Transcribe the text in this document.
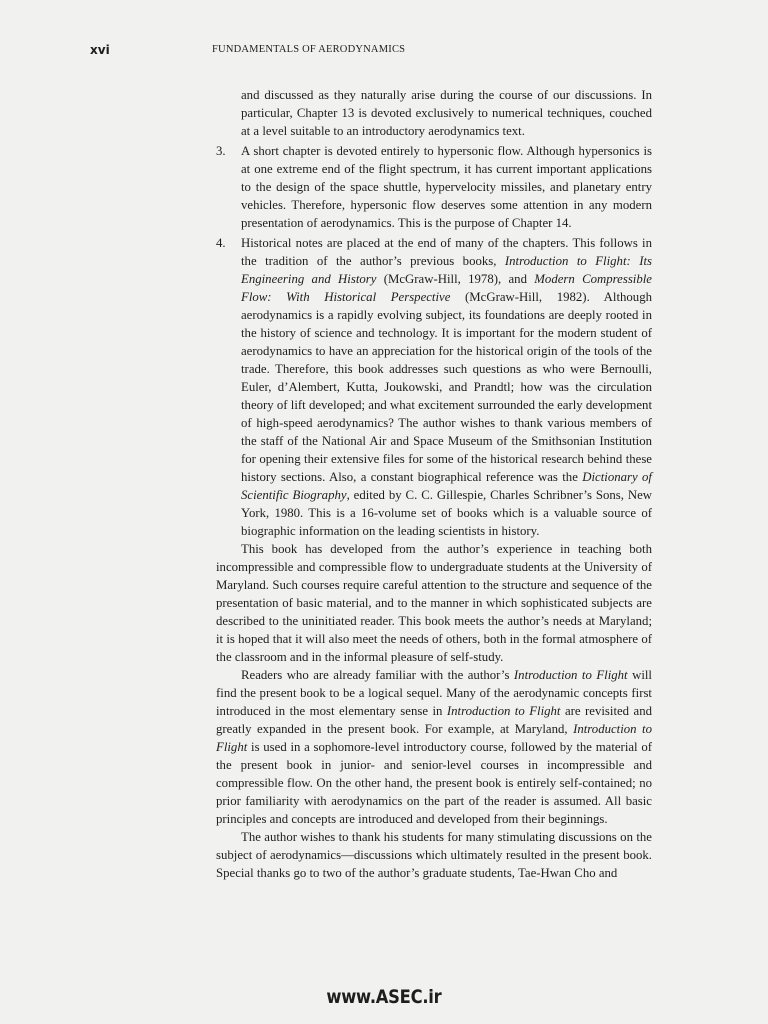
xvi	FUNDAMENTALS OF AERODYNAMICS

and discussed as they naturally arise during the course of our discussions. In particular, Chapter 13 is devoted exclusively to numerical techniques, couched at a level suitable to an introductory aerodynamics text.

3. A short chapter is devoted entirely to hypersonic flow. Although hypersonics is at one extreme end of the flight spectrum, it has current important applications to the design of the space shuttle, hypervelocity missiles, and planetary entry vehicles. Therefore, hypersonic flow deserves some attention in any modern presentation of aerodynamics. This is the purpose of Chapter 14.

4. Historical notes are placed at the end of many of the chapters. This follows in the tradition of the author’s previous books, Introduction to Flight: Its Engineering and History (McGraw-Hill, 1978), and Modern Compressible Flow: With Historical Perspective (McGraw-Hill, 1982). Although aerodynamics is a rapidly evolving subject, its foundations are deeply rooted in the history of science and technology. It is important for the modern student of aerodynamics to have an appreciation for the historical origin of the tools of the trade. Therefore, this book addresses such questions as who were Bernoulli, Euler, d’Alembert, Kutta, Joukowski, and Prandtl; how was the circulation theory of lift developed; and what excitement surrounded the early development of high-speed aerodynamics? The author wishes to thank various members of the staff of the National Air and Space Museum of the Smithsonian Institution for opening their extensive files for some of the historical research behind these history sections. Also, a constant biographical reference was the Dictionary of Scientific Biography, edited by C. C. Gillespie, Charles Schribner’s Sons, New York, 1980. This is a 16-volume set of books which is a valuable source of biographic information on the leading scientists in history.

This book has developed from the author’s experience in teaching both incompressible and compressible flow to undergraduate students at the University of Maryland. Such courses require careful attention to the structure and sequence of the presentation of basic material, and to the manner in which sophisticated subjects are described to the uninitiated reader. This book meets the author’s needs at Maryland; it is hoped that it will also meet the needs of others, both in the formal atmosphere of the classroom and in the informal pleasure of self-study.

Readers who are already familiar with the author’s Introduction to Flight will find the present book to be a logical sequel. Many of the aerodynamic concepts first introduced in the most elementary sense in Introduction to Flight are revisited and greatly expanded in the present book. For example, at Maryland, Introduction to Flight is used in a sophomore-level introductory course, followed by the material of the present book in junior- and senior-level courses in incompressible and compressible flow. On the other hand, the present book is entirely self-contained; no prior familiarity with aerodynamics on the part of the reader is assumed. All basic principles and concepts are introduced and developed from their beginnings.

The author wishes to thank his students for many stimulating discussions on the subject of aerodynamics—discussions which ultimately resulted in the present book. Special thanks go to two of the author’s graduate students, Tae-Hwan Cho and

www.ASEC.ir
